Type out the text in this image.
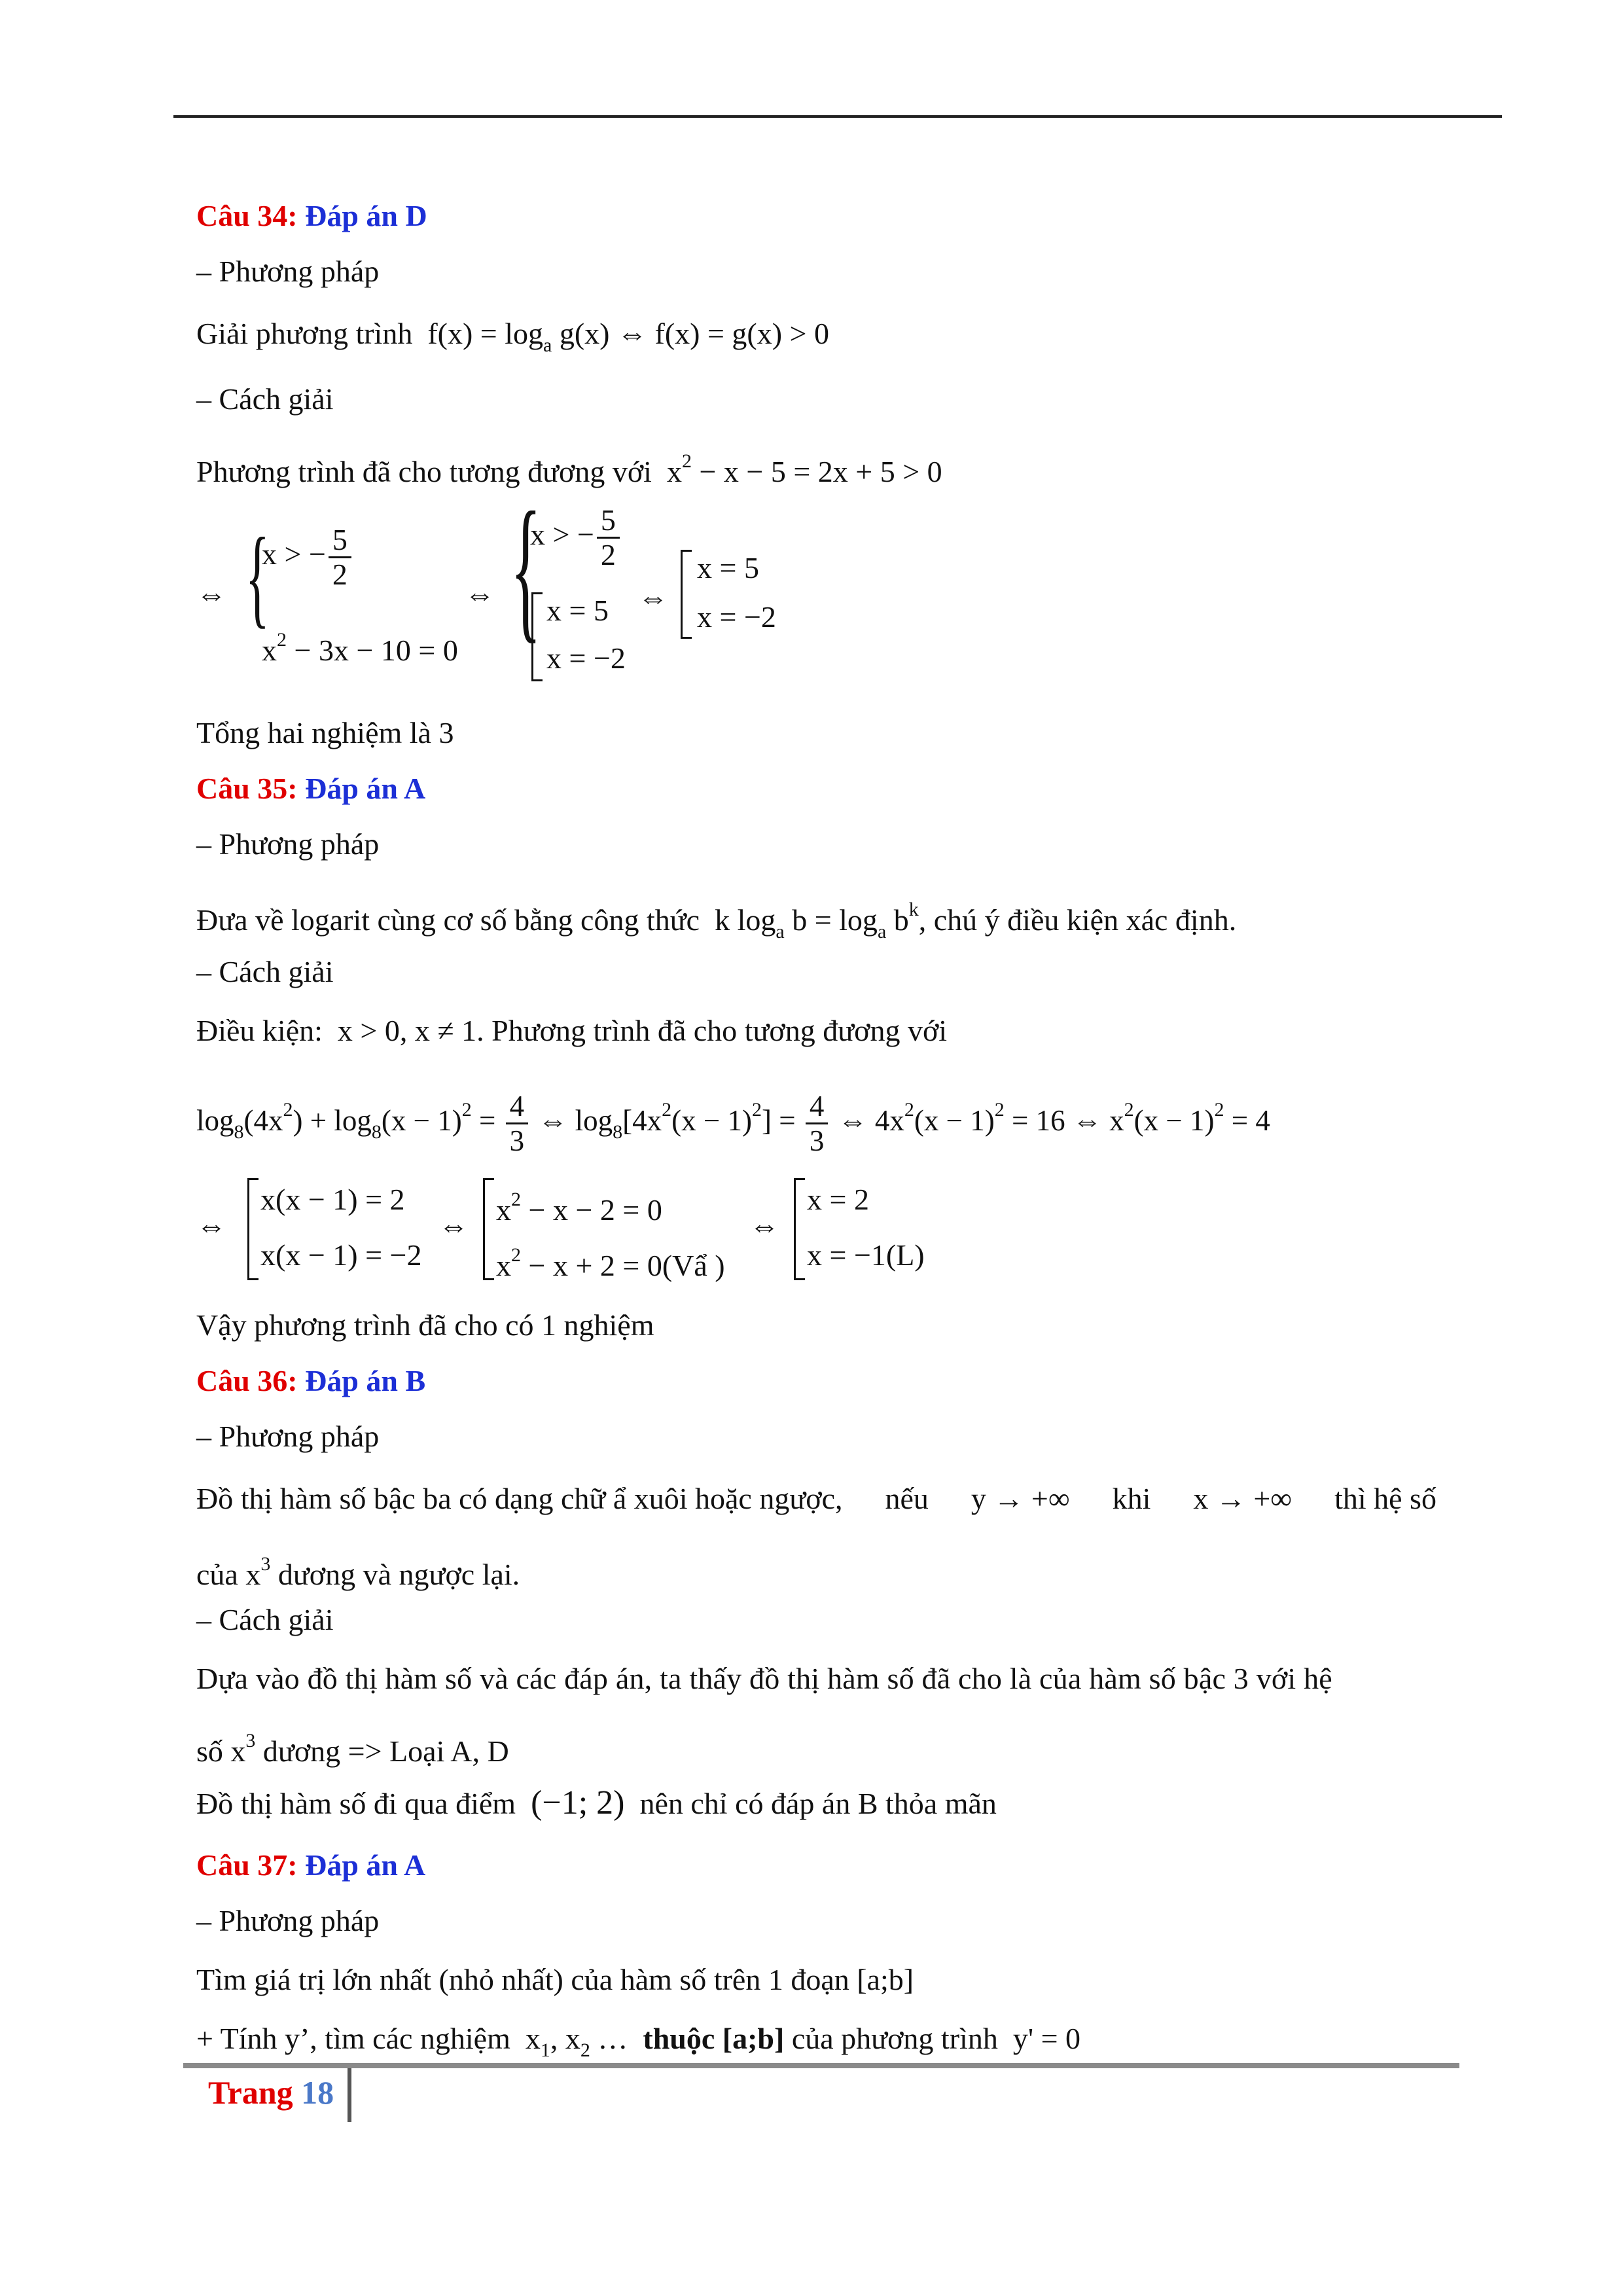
Câu 34: Đáp án D
– Phương pháp
Giải phương trình $f(x) = \log_a g(x)$ ⇔ f(x) = g(x) > 0
– Cách giải
Phương trình đã cho tương đương với $x^2 - x - 5 = 2x + 5 > 0$
⇔ {
x > − $\frac{5}{2}$
$x^2 - 3x - 10 = 0$
⇔ {
x > − $\frac{5}{2}$
x = 5
x = −2
⇔
x = 5
x = −2
Tổng hai nghiệm là 3
Câu 35: Đáp án A
– Phương pháp
Đưa về logarit cùng cơ số bằng công thức k $\log_a b = \log_a b^k$, chú ý điều kiện xác định.
– Cách giải
Điều kiện: x > 0, x ≠ 1. Phương trình đã cho tương đương với
$\log_8(4x^2) + \log_8(x - 1)^2 = \frac{4}{3}$ ⇔ $\log_8[4x^2(x - 1)^2] = \frac{4}{3}$ ⇔ $4x^2(x - 1)^2 = 16$ ⇔ $x^2(x - 1)^2 = 4$
⇔
x(x − 1) = 2
x(x − 1) = −2
⇔ $x^2 - x - 2 = 0$
$x^2 - x + 2$ = 0(Vẩ )
⇔
x = 2
x = −1(L)
Vậy phương trình đã cho có 1 nghiệm
Câu 36: Đáp án B
– Phương pháp
Đồ thị hàm số bậc ba có dạng chữ ẩ xuôi hoặc ngược, nếu y → +∞ khi x → +∞ thì hệ số
của $x^3$ dương và ngược lại.
– Cách giải
Dựa vào đồ thị hàm số và các đáp án, ta thấy đồ thị hàm số đã cho là của hàm số bậc 3 với hệ
số $x^3$ dương => Loại A, D
Đồ thị hàm số đi qua điểm (−1; 2) nên chỉ có đáp án B thỏa mãn
Câu 37: Đáp án A
– Phương pháp
Tìm giá trị lớn nhất (nhỏ nhất) của hàm số trên 1 đoạn [a;b]
+ Tính y’, tìm các nghiệm $x_1$, $x_2$ … thuộc [a;b] của phương trình y' = 0
Trang 18
